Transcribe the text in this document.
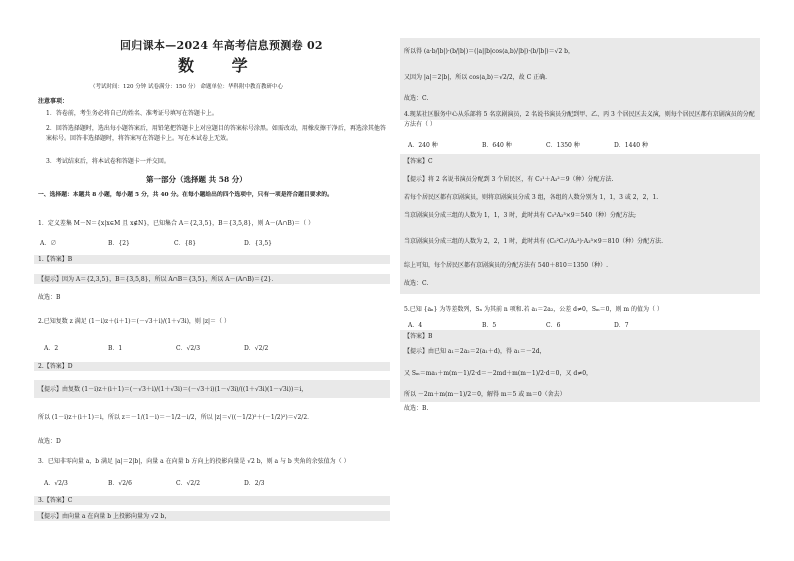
回归课本—2024 年高考信息预测卷 02
数 学
（考试时间：120 分钟 试卷满分：150 分） 命题单位：华科附中教育教研中心
注意事项：
1．答卷前，考生务必将自己的姓名、准考证号填写在答题卡上。
2．回答选择题时，选出每小题答案后，用铅笔把答题卡上对应题目的答案标号涂黑。如需改动，用橡皮擦干净后，再选涂其他答案标号。回答非选择题时，将答案写在答题卡上。写在本试卷上无效。
3．考试结束后，将本试卷和答题卡一并交回。
第一部分（选择题 共 58 分）
一、选择题：本题共 8 小题，每小题 5 分，共 40 分。在每小题给出的四个选项中，只有一项是符合题目要求的。
1．定义差集 M－N＝{x|x∈M 且 x∉N}，已知集合 A＝{2,3,5}，B＝{3,5,8}，则 A－(A∩B)＝（ ）
A．∅	B．{2}	C．{8}	D．{3,5}
1.【答案】B
【提示】因为 A＝{2,3,5}，B＝{3,5,8}，所以 A∩B＝{3,5}，所以 A－(A∩B)＝{2}．
故选：B
2.已知复数 z 满足 (1－i)z＋(i＋1)＝(－√3＋i)/(1＋√3i)，则 |z|＝（ ）
A．2	B．1	C．√2/3	D．√2/2
2.【答案】D
【提示】由复数 (1－i)z＋(i＋1)＝(－√3＋i)/(1＋√3i)＝(－√3＋i)(1－√3i)/((1＋√3i)(1－√3i))＝i，
所以 (1－i)z＋(i＋1)＝i，所以 z＝－1/(1－i)＝－1/2－i/2，所以 |z|＝√((－1/2)²＋(－1/2)²)＝√2/2．
故选：D
3．已知非零向量 a，b 满足 |a|＝2|b|，向量 a 在向量 b 方向上的投影向量是 √2 b，则 a 与 b 夹角的余弦值为（ ）
A．√2/3	B．√2/6	C．√2/2	D．2/3
3.【答案】C
【提示】由向量 a 在向量 b 上投影向量为 √2 b，
所以得 (a·b/|b|)·(b/|b|)＝(|a||b|cos⟨a,b⟩/|b|)·(b/|b|)＝√2 b，
又因为 |a|＝2|b|，所以 cos⟨a,b⟩＝√2/2，故 C 正确.
故选：C.
4.现某社区服务中心从乐部将 5 名京剧演员，2 名说书演员分配到甲、乙、丙 3 个居民区去义演，则每个居民区都有京剧演员的分配方法有（ ）
A．240 种	B．640 种	C．1350 种	D．1440 种
【答案】C
【提示】将 2 名说书演员分配到 3 个居民区，有 C₃¹＋A₃²＝9（种）分配方法.
若每个居民区都有京剧演员，则将京剧演员分成 3 组，各组的人数分别为 1，1，3 或 2，2，1.
当京剧演员分成三组的人数为 1，1，3 时，此时共有 C₅³A₃³×9＝540（种）分配方法;
当京剧演员分成三组的人数为 2，2，1 时，此时共有 (C₅²C₃²/A₂²)·A₃³×9＝810（种）分配方法.
综上可知，每个居民区都有京剧演员的分配方法有 540＋810＝1350（种）.
故选：C.
5.已知 {aₙ} 为等差数列，Sₙ 为其前 n 项和.若 a₁＝2a₂，公差 d≠0，Sₘ＝0，则 m 的值为（ ）
A．4	B．5	C．6	D．7
【答案】B
【提示】由已知 a₁＝2a₂＝2(a₁＋d)，得 a₁＝－2d，
又 Sₘ＝ma₁＋m(m－1)/2·d＝－2md＋m(m－1)/2·d＝0，又 d≠0，
所以 －2m＋m(m－1)/2＝0，解得 m＝5 或 m＝0（舍去）
故选：B.
